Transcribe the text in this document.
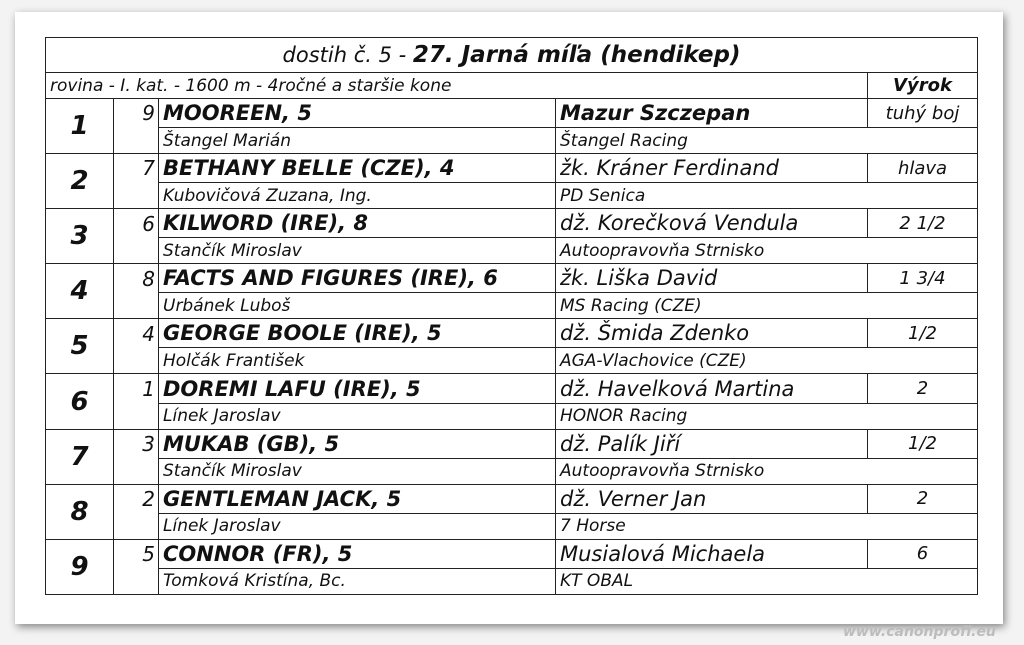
dostih č. 5 - 27. Jarná míľa (hendikep)				
rovina - I. kat. - 1600 m - 4ročné a staršie kone				Výrok
1	9	MOOREEN, 5	Mazur Szczepan	tuhý boj
		Štangel Marián	Štangel Racing	
2	7	BETHANY BELLE (CZE), 4	žk. Kráner Ferdinand	hlava
		Kubovičová Zuzana, Ing.	PD Senica	
3	6	KILWORD (IRE), 8	dž. Korečková Vendula	2 1/2
		Stančík Miroslav	Autoopravovňa Strnisko	
4	8	FACTS AND FIGURES (IRE), 6	žk. Liška David	1 3/4
		Urbánek Luboš	MS Racing (CZE)	
5	4	GEORGE BOOLE (IRE), 5	dž. Šmida Zdenko	1/2
		Holčák František	AGA-Vlachovice (CZE)	
6	1	DOREMI LAFU (IRE), 5	dž. Havelková Martina	2
		Línek Jaroslav	HONOR Racing	
7	3	MUKAB (GB), 5	dž. Palík Jiří	1/2
		Stančík Miroslav	Autoopravovňa Strnisko	
8	2	GENTLEMAN JACK, 5	dž. Verner Jan	2
		Línek Jaroslav	7 Horse	
9	5	CONNOR (FR), 5	Musialová Michaela	6
		Tomková Kristína, Bc.	KT OBAL	
www.canonprofi.eu
